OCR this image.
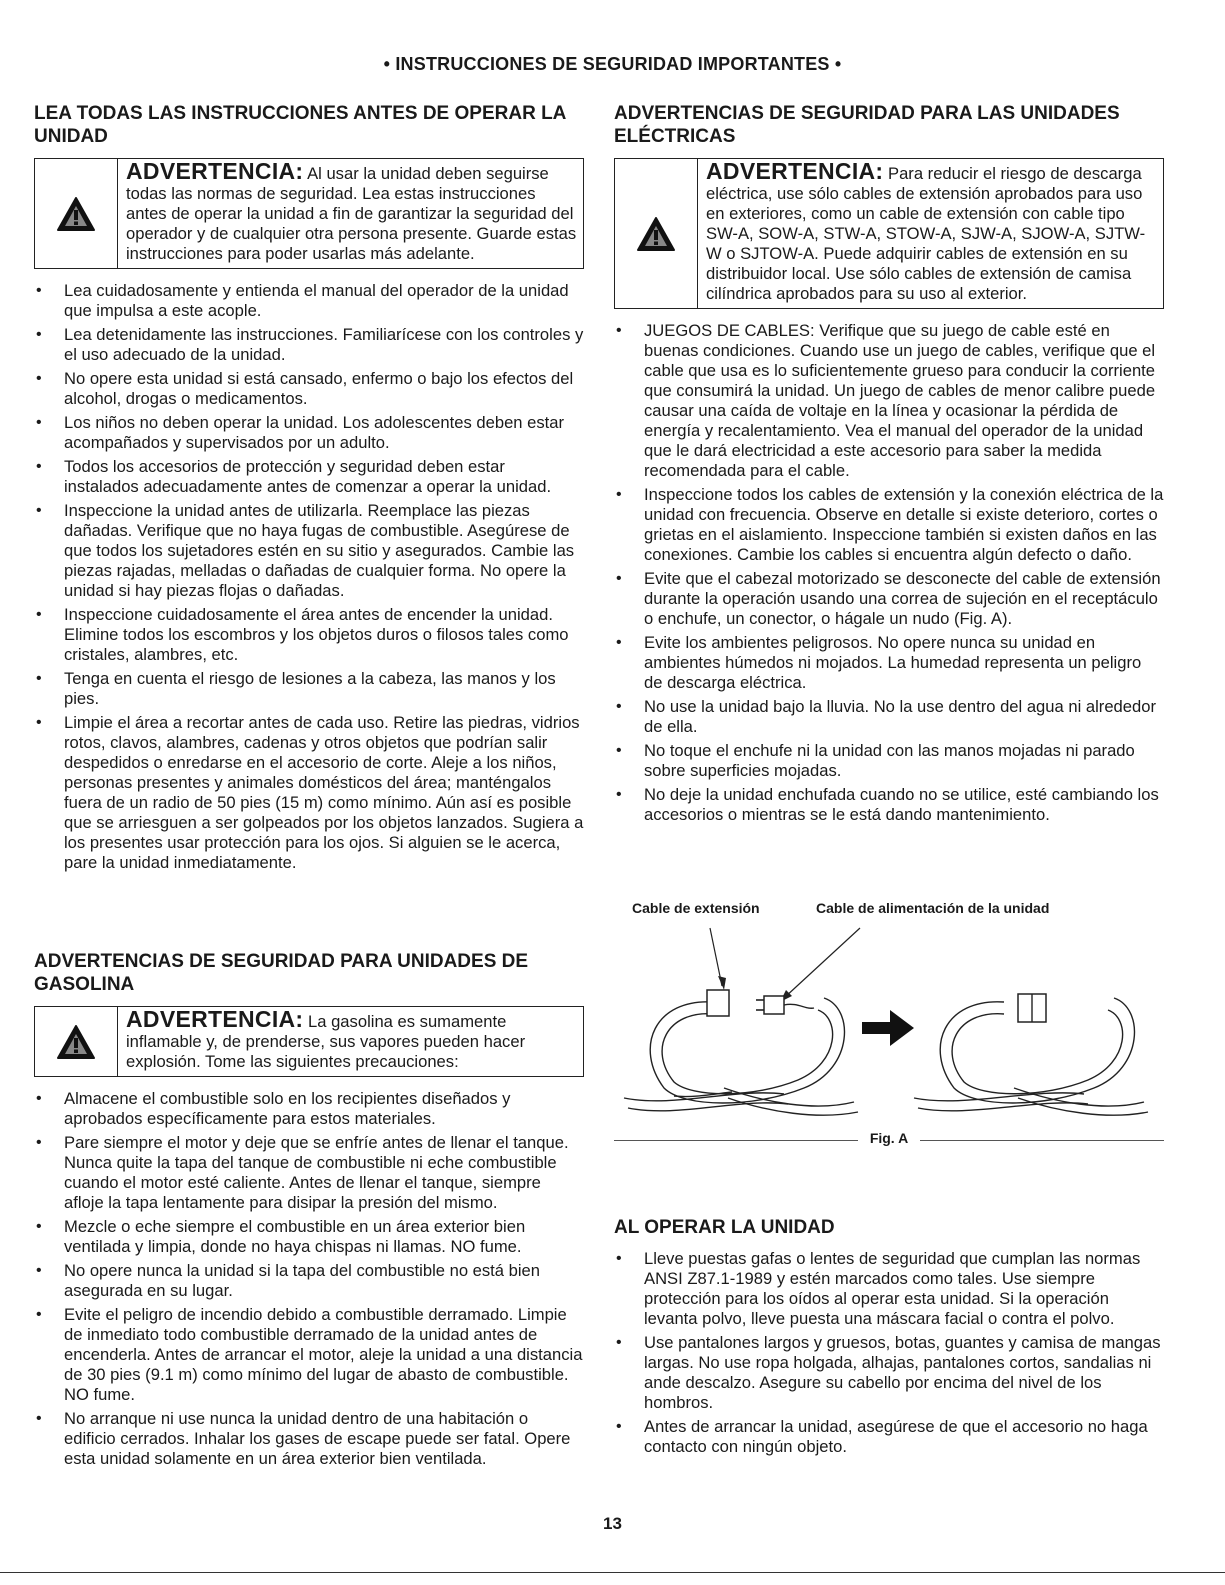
• INSTRUCCIONES DE SEGURIDAD IMPORTANTES •
LEA TODAS LAS INSTRUCCIONES ANTES DE OPERAR LA UNIDAD
ADVERTENCIA: Al usar la unidad deben seguirse todas las normas de seguridad. Lea estas instrucciones antes de operar la unidad a fin de garantizar la seguridad del operador y de cualquier otra persona presente. Guarde estas instrucciones para poder usarlas más adelante.
• Lea cuidadosamente y entienda el manual del operador de la unidad que impulsa a este acople.
• Lea detenidamente las instrucciones. Familiarícese con los controles y el uso adecuado de la unidad.
• No opere esta unidad si está cansado, enfermo o bajo los efectos del alcohol, drogas o medicamentos.
• Los niños no deben operar la unidad. Los adolescentes deben estar acompañados y supervisados por un adulto.
• Todos los accesorios de protección y seguridad deben estar instalados adecuadamente antes de comenzar a operar la unidad.
• Inspeccione la unidad antes de utilizarla. Reemplace las piezas dañadas. Verifique que no haya fugas de combustible. Asegúrese de que todos los sujetadores estén en su sitio y asegurados. Cambie las piezas rajadas, melladas o dañadas de cualquier forma. No opere la unidad si hay piezas flojas o dañadas.
• Inspeccione cuidadosamente el área antes de encender la unidad. Elimine todos los escombros y los objetos duros o filosos tales como cristales, alambres, etc.
• Tenga en cuenta el riesgo de lesiones a la cabeza, las manos y los pies.
• Limpie el área a recortar antes de cada uso. Retire las piedras, vidrios rotos, clavos, alambres, cadenas y otros objetos que podrían salir despedidos o enredarse en el accesorio de corte. Aleje a los niños, personas presentes y animales domésticos del área; manténgalos fuera de un radio de 50 pies (15 m) como mínimo. Aún así es posible que se arriesguen a ser golpeados por los objetos lanzados. Sugiera a los presentes usar protección para los ojos. Si alguien se le acerca, pare la unidad inmediatamente.
ADVERTENCIAS DE SEGURIDAD PARA UNIDADES DE GASOLINA
ADVERTENCIA: La gasolina es sumamente inflamable y, de prenderse, sus vapores pueden hacer explosión. Tome las siguientes precauciones:
• Almacene el combustible solo en los recipientes diseñados y aprobados específicamente para estos materiales.
• Pare siempre el motor y deje que se enfríe antes de llenar el tanque. Nunca quite la tapa del tanque de combustible ni eche combustible cuando el motor esté caliente. Antes de llenar el tanque, siempre afloje la tapa lentamente para disipar la presión del mismo.
• Mezcle o eche siempre el combustible en un área exterior bien ventilada y limpia, donde no haya chispas ni llamas. NO fume.
• No opere nunca la unidad si la tapa del combustible no está bien asegurada en su lugar.
• Evite el peligro de incendio debido a combustible derramado. Limpie de inmediato todo combustible derramado de la unidad antes de encenderla. Antes de arrancar el motor, aleje la unidad a una distancia de 30 pies (9.1 m) como mínimo del lugar de abasto de combustible. NO fume.
• No arranque ni use nunca la unidad dentro de una habitación o edificio cerrados. Inhalar los gases de escape puede ser fatal. Opere esta unidad solamente en un área exterior bien ventilada.
ADVERTENCIAS DE SEGURIDAD PARA LAS UNIDADES ELÉCTRICAS
ADVERTENCIA: Para reducir el riesgo de descarga eléctrica, use sólo cables de extensión aprobados para uso en exteriores, como un cable de extensión con cable tipo SW-A, SOW-A, STW-A, STOW-A, SJW-A, SJOW-A, SJTW-W o SJTOW-A. Puede adquirir cables de extensión en su distribuidor local. Use sólo cables de extensión de camisa cilíndrica aprobados para su uso al exterior.
• JUEGOS DE CABLES: Verifique que su juego de cable esté en buenas condiciones. Cuando use un juego de cables, verifique que el cable que usa es lo suficientemente grueso para conducir la corriente que consumirá la unidad. Un juego de cables de menor calibre puede causar una caída de voltaje en la línea y ocasionar la pérdida de energía y recalentamiento. Vea el manual del operador de la unidad que le dará electricidad a este accesorio para saber la medida recomendada para el cable.
• Inspeccione todos los cables de extensión y la conexión eléctrica de la unidad con frecuencia. Observe en detalle si existe deterioro, cortes o grietas en el aislamiento. Inspeccione también si existen daños en las conexiones. Cambie los cables si encuentra algún defecto o daño.
• Evite que el cabezal motorizado se desconecte del cable de extensión durante la operación usando una correa de sujeción en el receptáculo o enchufe, un conector, o hágale un nudo (Fig. A).
• Evite los ambientes peligrosos. No opere nunca su unidad en ambientes húmedos ni mojados. La humedad representa un peligro de descarga eléctrica.
• No use la unidad bajo la lluvia. No la use dentro del agua ni alrededor de ella.
• No toque el enchufe ni la unidad con las manos mojadas ni parado sobre superficies mojadas.
• No deje la unidad enchufada cuando no se utilice, esté cambiando los accesorios o mientras se le está dando mantenimiento.
Cable de extensión	Cable de alimentación de la unidad
Fig. A
AL OPERAR LA UNIDAD
• Lleve puestas gafas o lentes de seguridad que cumplan las normas ANSI Z87.1-1989 y estén marcados como tales. Use siempre protección para los oídos al operar esta unidad. Si la operación levanta polvo, lleve puesta una máscara facial o contra el polvo.
• Use pantalones largos y gruesos, botas, guantes y camisa de mangas largas. No use ropa holgada, alhajas, pantalones cortos, sandalias ni ande descalzo. Asegure su cabello por encima del nivel de los hombros.
• Antes de arrancar la unidad, asegúrese de que el accesorio no haga contacto con ningún objeto.
13
